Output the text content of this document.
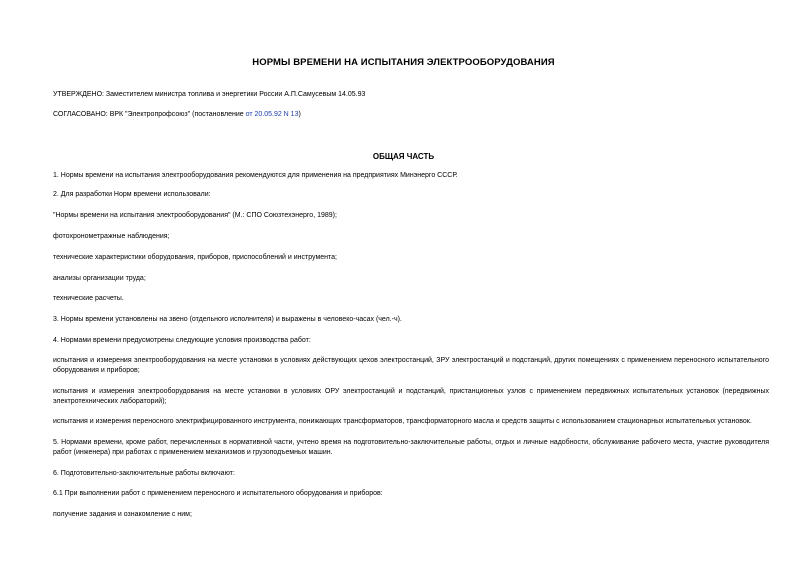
НОРМЫ ВРЕМЕНИ НА ИСПЫТАНИЯ ЭЛЕКТРООБОРУДОВАНИЯ

УТВЕРЖДЕНО: Заместителем министра топлива и энергетики России А.П.Самусевым 14.05.93

СОГЛАСОВАНО: ВРК "Электропрофсоюз" (постановление от 20.05.92 N 13)

ОБЩАЯ ЧАСТЬ

1. Нормы времени на испытания электрооборудования рекомендуются для применения на предприятиях Минэнерго СССР.

2. Для разработки Норм времени использовали:

"Нормы времени на испытания электрооборудования" (М.: СПО Союзтехэнерго, 1989);

фотохронометражные наблюдения;

технические характеристики оборудования, приборов, приспособлений и инструмента;

анализы организации труда;

технические расчеты.

3. Нормы времени установлены на звено (отдельного исполнителя) и выражены в человеко-часах (чел.-ч).

4. Нормами времени предусмотрены следующие условия производства работ:

испытания и измерения электрооборудования на месте установки в условиях действующих цехов электростанций, ЗРУ электростанций и подстанций, других помещениях с применением переносного испытательного оборудования и приборов;

испытания и измерения электрооборудования на месте установки в условиях ОРУ электростанций и подстанций, пристанционных узлов с применением передвижных испытательных установок (передвижных электротехнических лабораторий);

испытания и измерения переносного электрифицированного инструмента, понижающих трансформаторов, трансформаторного масла и средств защиты с использованием стационарных испытательных установок.

5. Нормами времени, кроме работ, перечисленных в нормативной части, учтено время на подготовительно-заключительные работы, отдых и личные надобности, обслуживание рабочего места, участие руководителя работ (инженера) при работах с применением механизмов и грузоподъемных машин.

6. Подготовительно-заключительные работы включают:

6.1 При выполнении работ с применением переносного и испытательного оборудования и приборов:

получение задания и ознакомление с ним;
